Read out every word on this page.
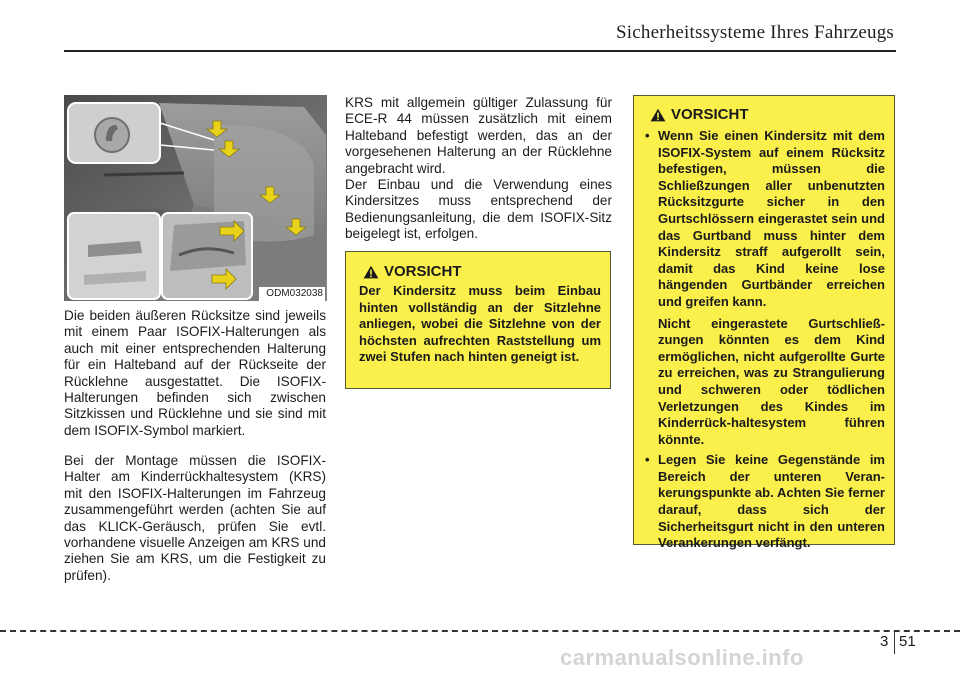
Sicherheitssysteme Ihres Fahrzeugs
ODM032038

Die beiden äußeren Rücksitze sind jeweils mit einem Paar ISOFIX-Halterungen als auch mit einer entsprechenden Halterung für ein Halteband auf der Rückseite der Rücklehne ausgestattet. Die ISOFIX-Halterungen befinden sich zwischen Sitzkissen und Rücklehne und sie sind mit dem ISOFIX-Symbol markiert.

Bei der Montage müssen die ISOFIX-Halter am Kinderrückhaltesystem (KRS) mit den ISOFIX-Halterungen im Fahrzeug zusammengeführt werden (achten Sie auf das KLICK-Geräusch, prüfen Sie evtl. vorhandene visuelle Anzeigen am KRS und ziehen Sie am KRS, um die Festigkeit zu prüfen).

KRS mit allgemein gültiger Zulassung für ECE-R 44 müssen zusätzlich mit einem Halteband befestigt werden, das an der vorgesehenen Halterung an der Rücklehne angebracht wird.

Der Einbau und die Verwendung eines Kindersitzes muss entsprechend der Bedienungsanleitung, die dem ISOFIX-Sitz beigelegt ist, erfolgen.

VORSICHT

Der Kindersitz muss beim Einbau hinten vollständig an der Sitzlehne anliegen, wobei die Sitzlehne von der höchsten aufrechten Raststellung um zwei Stufen nach hinten geneigt ist.

VORSICHT
• Wenn Sie einen Kindersitz mit dem ISOFIX-System auf einem Rücksitz befestigen, müssen die Schließzungen aller unbenutzten Rücksitzgurte sicher in den Gurtschlössern eingerastet sein und das Gurtband muss hinter dem Kindersitz straff aufgerollt sein, damit das Kind keine lose hängenden Gurtbänder erreichen und greifen kann.

Nicht eingerastete Gurtschließ-zungen könnten es dem Kind ermöglichen, nicht aufgerollte Gurte zu erreichen, was zu Strangulierung und schweren oder tödlichen Verletzungen des Kindes im Kinderrück-haltesystem führen könnte.

• Legen Sie keine Gegenstände im Bereich der unteren Veran-kerungspunkte ab. Achten Sie ferner darauf, dass sich der Sicherheitsgurt nicht in den unteren Verankerungen verfängt.

3 51
carmanualsonline.info
